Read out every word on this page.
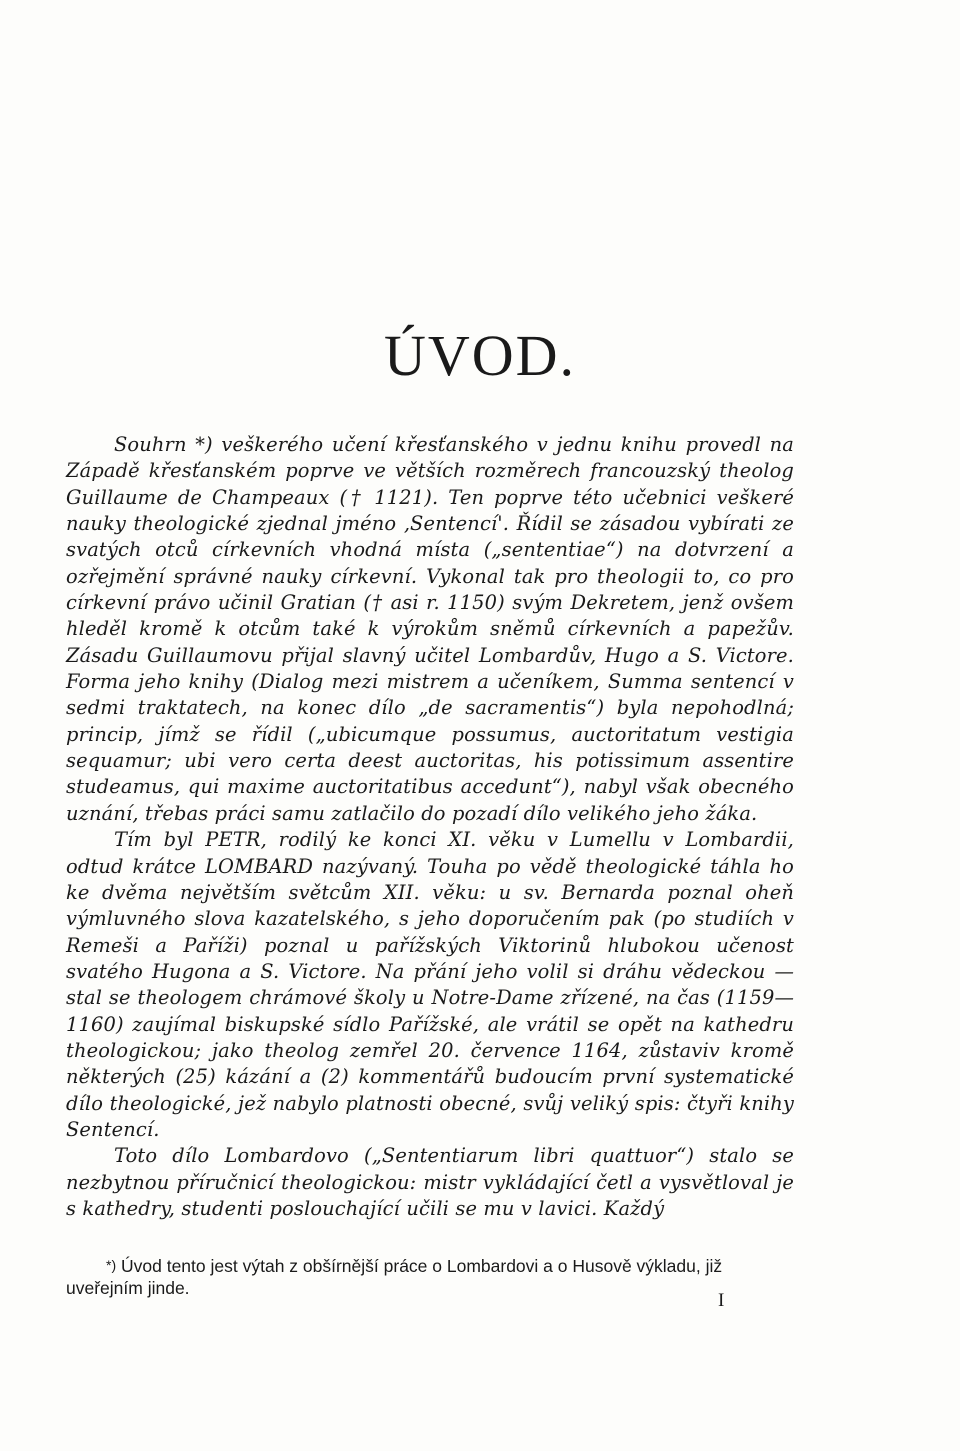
ÚVOD.

Souhrn *) veškerého učení křesťanského v jednu knihu provedl na Západě křesťanském poprve ve větších rozměrech francouzský theolog Guillaume de Champeaux († 1121). Ten poprve této učebnici veškeré nauky theologické zjednal jméno ‚Sentencí'. Řídil se zásadou vybírati ze svatých otců církevních vhodná místa („sententiae“) na dotvrzení a ozřejmění správné nauky církevní. Vykonal tak pro theologii to, co pro církevní právo učinil Gratian († asi r. 1150) svým Dekretem, jenž ovšem hleděl kromě k otcům také k výrokům sněmů církevních a papežův. Zásadu Guillaumovu přijal slavný učitel Lombardův, Hugo a S. Victore. Forma jeho knihy (Dialog mezi mistrem a učeníkem, Summa sentencí v sedmi traktatech, na konec dílo „de sacramentis“) byla nepohodlná; princip, jímž se řídil („ubicumque possumus, auctoritatum vestigia sequamur; ubi vero certa deest auctoritas, his potissimum assentire studeamus, qui maxime auctoritatibus accedunt“), nabyl však obecného uznání, třebas práci samu zatlačilo do pozadí dílo velikého jeho žáka.

Tím byl PETR, rodilý ke konci XI. věku v Lumellu v Lombardii, odtud krátce LOMBARD nazývaný. Touha po vědě theologické táhla ho ke dvěma největším světcům XII. věku: u sv. Bernarda poznal oheň výmluvného slova kazatelského, s jeho doporučením pak (po studiích v Remeši a Paříži) poznal u pařížských Viktorinů hlubokou učenost svatého Hugona a S. Victore. Na přání jeho volil si dráhu vědeckou — stal se theologem chrámové školy u Notre-Dame zřízené, na čas (1159—1160) zaujímal biskupské sídlo Pařížské, ale vrátil se opět na kathedru theologickou; jako theolog zemřel 20. července 1164, zůstaviv kromě některých (25) kázání a (2) kommentářů budoucím první systematické dílo theologické, jež nabylo platnosti obecné, svůj veliký spis: čtyři knihy Sentencí.

Toto dílo Lombardovo („Sententiarum libri quattuor“) stalo se nezbytnou příručnicí theologickou: mistr vykládající četl a vysvětloval je s kathedry, studenti poslouchající učili se mu v lavici. Každý

*) Úvod tento jest výtah z obšírnější práce o Lombardovi a o Husově výkladu, již uveřejním jinde.
I
